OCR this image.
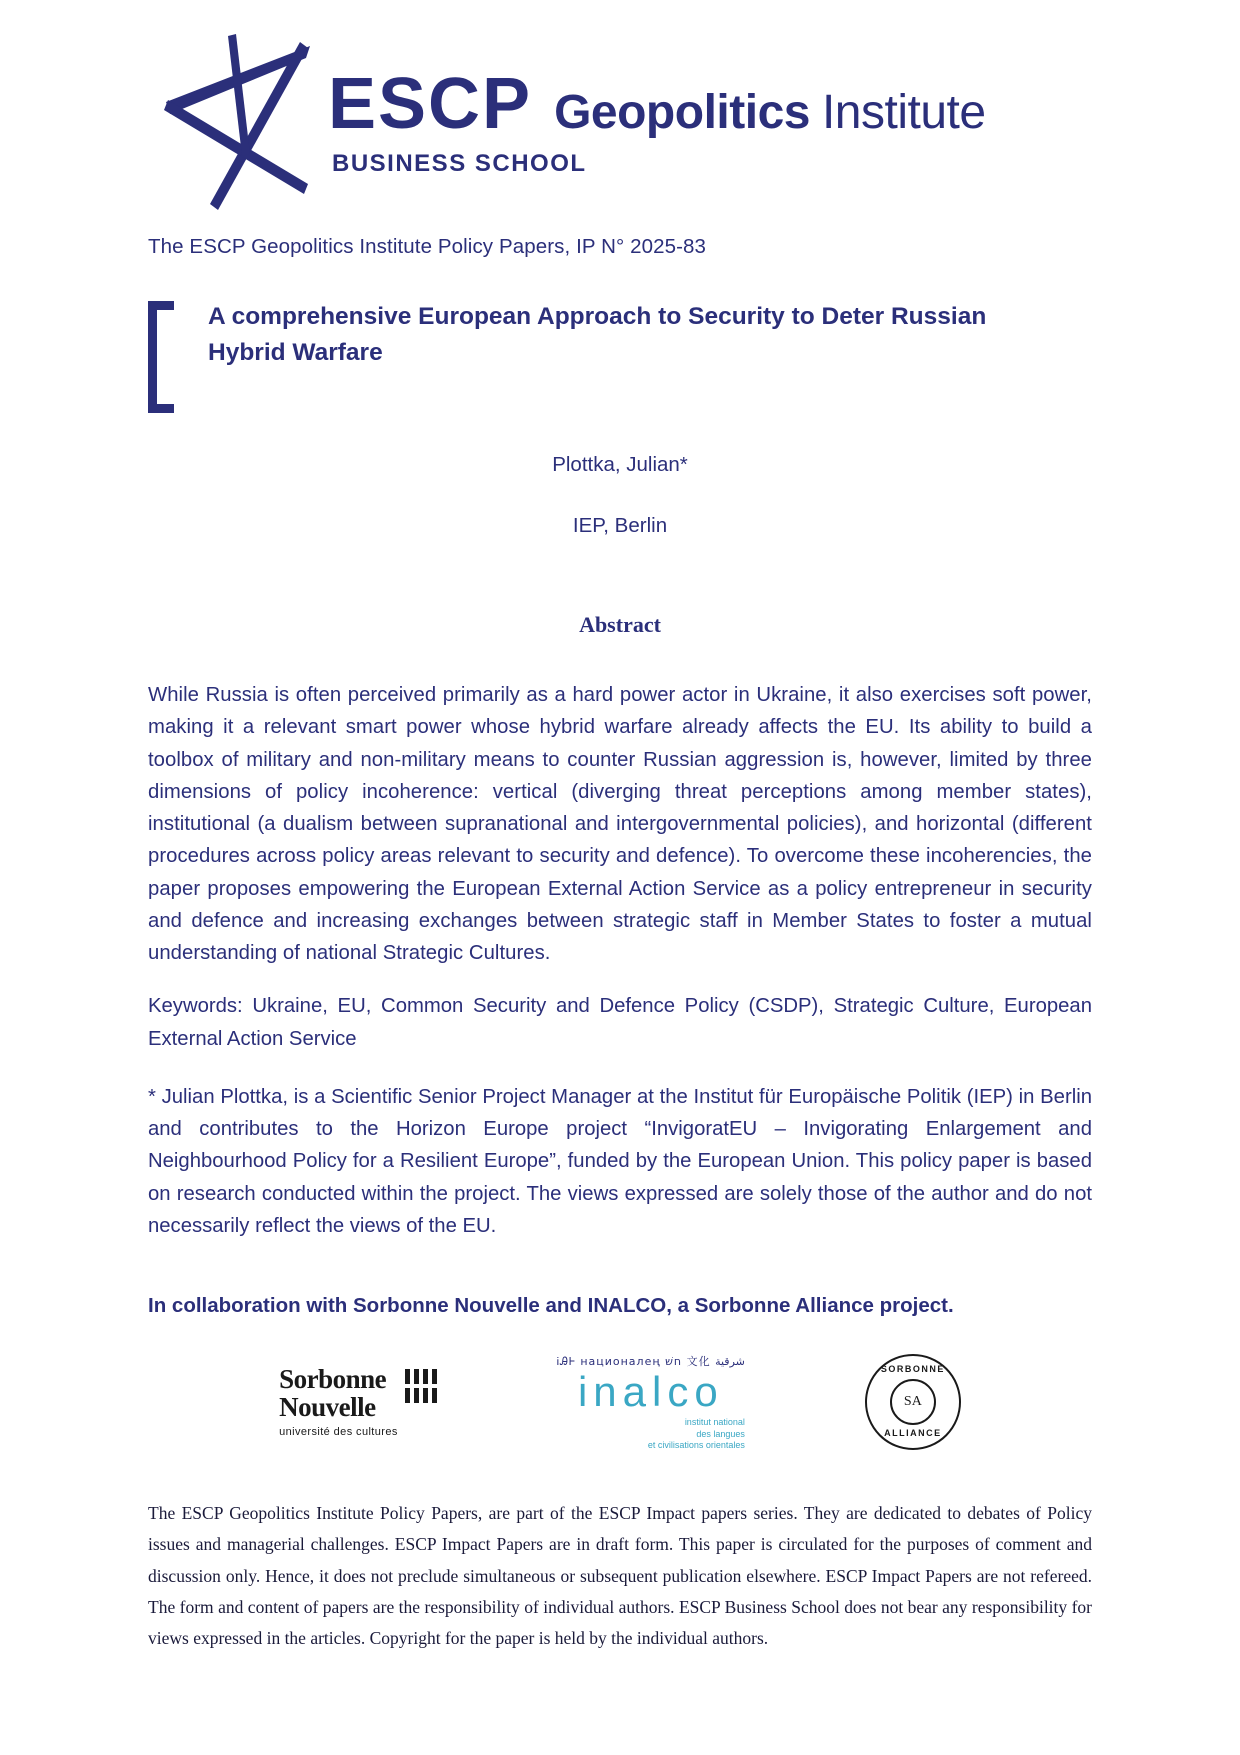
ESCP Geopolitics Institute
BUSINESS SCHOOL
The ESCP Geopolitics Institute Policy Papers, IP N° 2025-83
A comprehensive European Approach to Security to Deter Russian Hybrid Warfare
Plottka, Julian*
IEP, Berlin
Abstract
While Russia is often perceived primarily as a hard power actor in Ukraine, it also exercises soft power, making it a relevant smart power whose hybrid warfare already affects the EU. Its ability to build a toolbox of military and non-military means to counter Russian aggression is, however, limited by three dimensions of policy incoherence: vertical (diverging threat perceptions among member states), institutional (a dualism between supranational and intergovernmental policies), and horizontal (different procedures across policy areas relevant to security and defence). To overcome these incoherencies, the paper proposes empowering the European External Action Service as a policy entrepreneur in security and defence and increasing exchanges between strategic staff in Member States to foster a mutual understanding of national Strategic Cultures.
Keywords: Ukraine, EU, Common Security and Defence Policy (CSDP), Strategic Culture, European External Action Service
* Julian Plottka, is a Scientific Senior Project Manager at the Institut für Europäische Politik (IEP) in Berlin and contributes to the Horizon Europe project “InvigoratEU – Invigorating Enlargement and Neighbourhood Policy for a Resilient Europe”, funded by the European Union. This policy paper is based on research conducted within the project. The views expressed are solely those of the author and do not necessarily reflect the views of the EU.
In collaboration with Sorbonne Nouvelle and INALCO, a Sorbonne Alliance project.
Sorbonne
Nouvelle
université des cultures
ᎥᎯᎰ националең חשׁ 文化 شرقية
inalco
institut national
des langues
et civilisations orientales
SORBONNE
ALLIANCE
SA
The ESCP Geopolitics Institute Policy Papers, are part of the ESCP Impact papers series. They are dedicated to debates of Policy issues and managerial challenges. ESCP Impact Papers are in draft form. This paper is circulated for the purposes of comment and discussion only. Hence, it does not preclude simultaneous or subsequent publication elsewhere. ESCP Impact Papers are not refereed. The form and content of papers are the responsibility of individual authors. ESCP Business School does not bear any responsibility for views expressed in the articles. Copyright for the paper is held by the individual authors.
